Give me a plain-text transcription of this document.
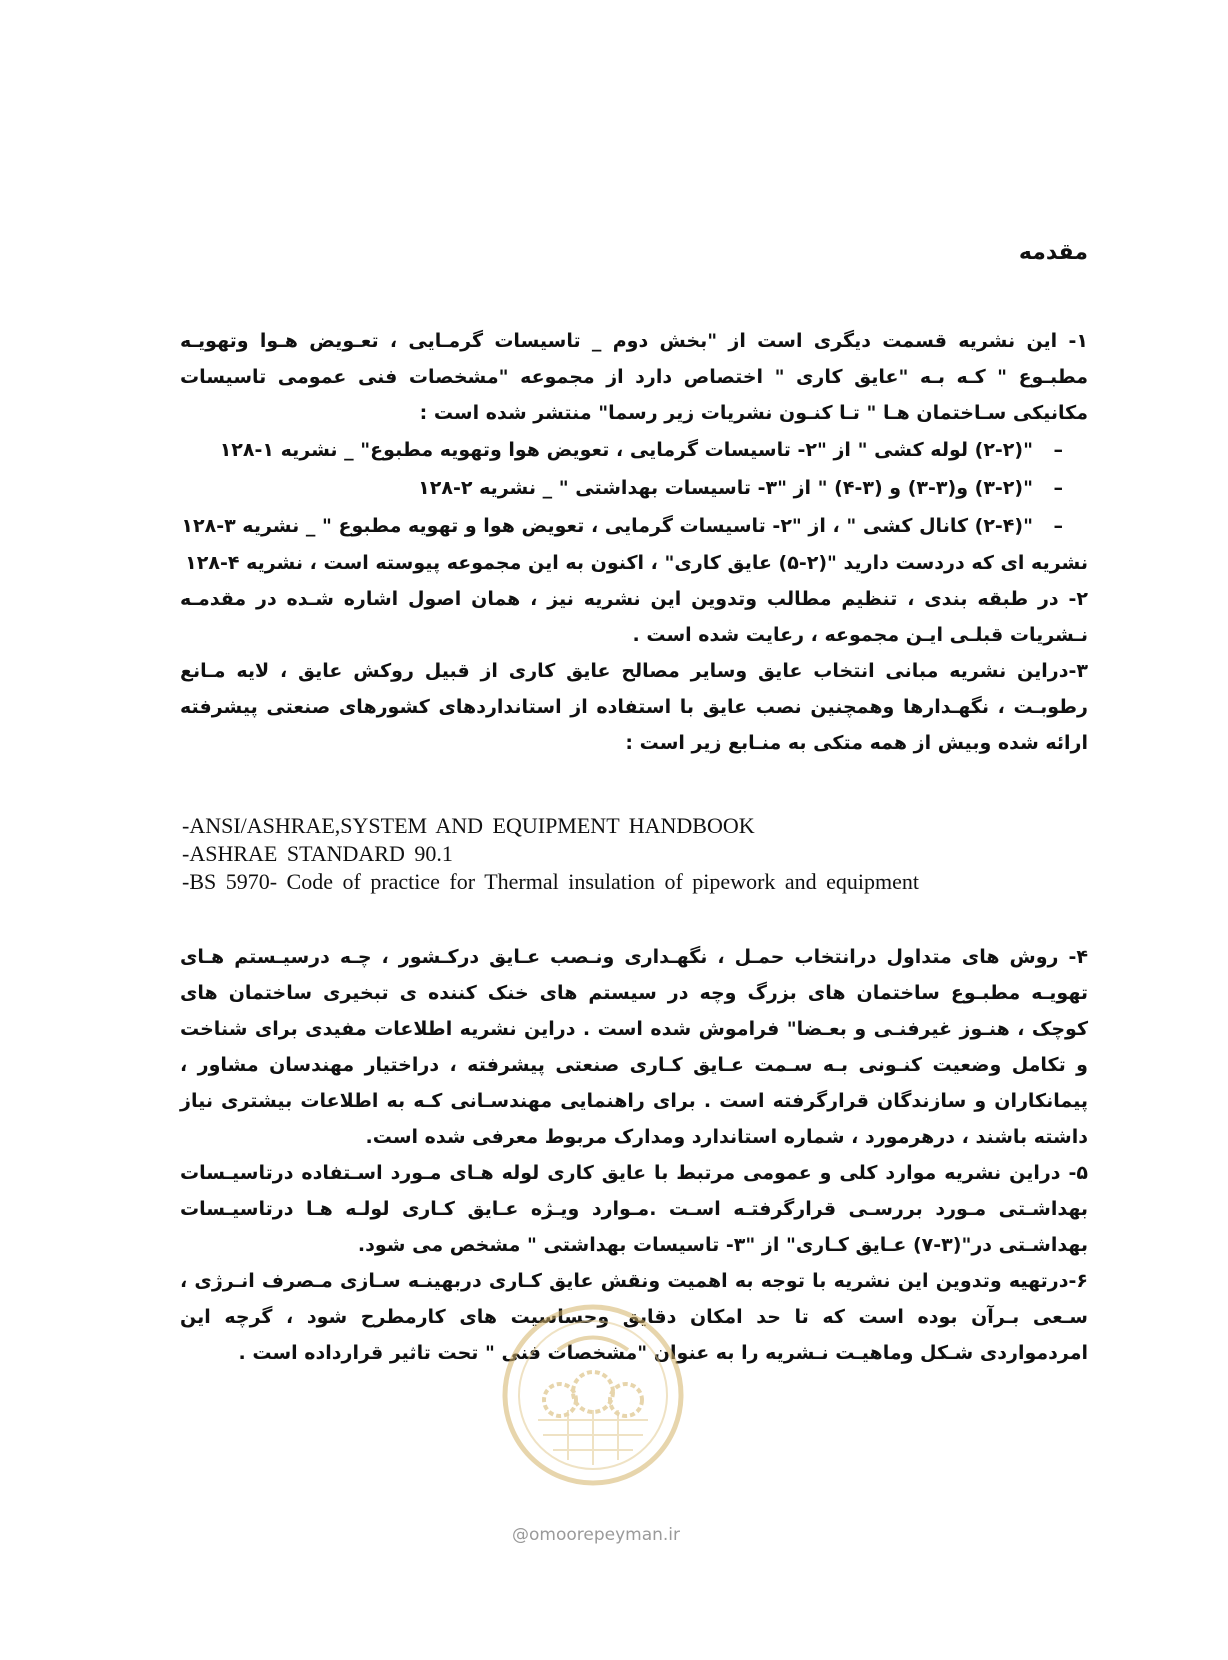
مقدمه
۱- این نشریه قسمت دیگری است از "بخش دوم _ تاسیسات گرمـایی ، تعـویض هـوا وتهویـه مطبـوع " کـه بـه "عایق کاری " اختصاص دارد از مجموعه "مشخصات فنی عمومی تاسیسات مکانیکی سـاختمان هـا " تـا کنـون نشریات زیر رسما" منتشر شده است :
–"(۲-۲) لوله کشی " از "۲- تاسیسات گرمایی ، تعویض هوا وتهویه مطبوع" _ نشریه ۱-۱۲۸
–"(۳-۲) و(۳-۳) و (۳-۴) " از "۳- تاسیسات بهداشتی " _ نشریه ۲-۱۲۸
–"(۲-۴) کانال کشی " ، از "۲- تاسیسات گرمایی ، تعویض هوا و تهویه مطبوع " _ نشریه ۳-۱۲۸
نشریه ای که دردست دارید "(۲-۵) عایق کاری" ، اکنون به این مجموعه پیوسته است ، نشریه ۴-۱۲۸
۲- در طبقه بندی ، تنظیم مطالب وتدوین این نشریه نیز ، همان اصول اشاره شـده در مقدمـه نـشریات قبلـی ایـن مجموعه ، رعایت شده است .
۳-دراین نشریه مبانی انتخاب عایق وسایر مصالح عایق کاری از قبیل روکش عایق ، لایه مـانع رطوبـت ، نگهـدارها وهمچنین نصب عایق با استفاده از استانداردهای کشورهای صنعتی پیشرفته ارائه شده وبیش از همه متکی به منـابع زیر است :
-ANSI/ASHRAE,SYSTEM AND EQUIPMENT HANDBOOK
-ASHRAE STANDARD 90.1
-BS 5970- Code of practice for Thermal insulation of pipework and equipment
۴- روش های متداول درانتخاب حمـل ، نگهـداری ونـصب عـایق درکـشور ، چـه درسیـستم هـای تهویـه مطبـوع ساختمان های بزرگ وچه در سیستم های خنک کننده ی تبخیری ساختمان های کوچک ، هنـوز غیرفنـی و بعـضا" فراموش شده است . دراین نشریه اطلاعات مفیدی برای شناخت و تکامل وضعیت کنـونی بـه سـمت عـایق کـاری صنعتی پیشرفته ، دراختیار مهندسان مشاور ، پیمانکاران و سازندگان قرارگرفته است . برای راهنمایی مهندسـانی کـه به اطلاعات بیشتری نیاز داشته باشند ، درهرمورد ، شماره استاندارد ومدارک مربوط معرفی شده است.
۵- دراین نشریه موارد کلی و عمومی مرتبط با عایق کاری لوله هـای مـورد اسـتفاده درتاسیـسات بهداشـتی مـورد بررسـی قرارگرفتـه اسـت .مـوارد ویـژه عـایق کـاری لولـه هـا درتاسیـسات بهداشـتی در"(۳-۷) عـایق کـاری" از "۳- تاسیسات بهداشتی " مشخص می شود.
۶-درتهیه وتدوین این نشریه با توجه به اهمیت ونقش عایق کـاری دربهینـه سـازی مـصرف انـرژی ، سـعی بـرآن بوده است که تا حد امکان دقایق وحساسیت های کارمطرح شود ، گرچه این امردمواردی شـکل وماهیـت نـشریه را به عنوان "مشخصات فنی " تحت تاثیر قرارداده است .
@omoorepeyman.ir
